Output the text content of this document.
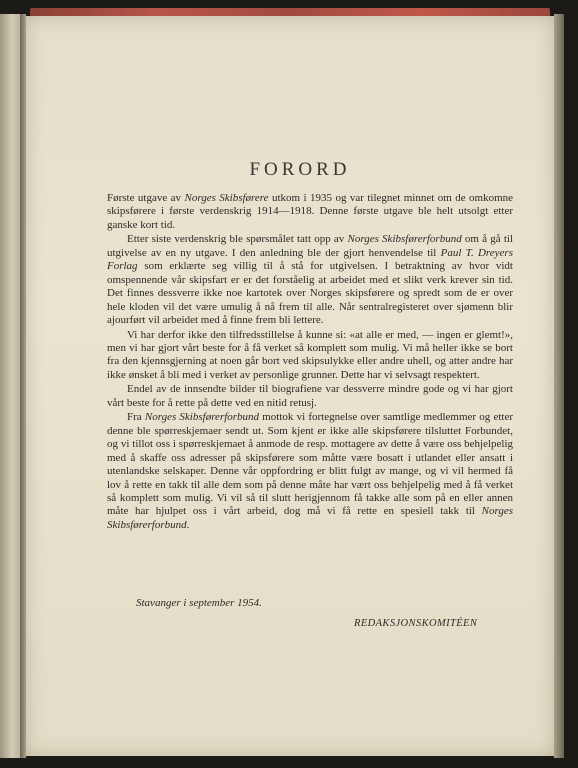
FORORD

Første utgave av Norges Skibsførere utkom i 1935 og var tilegnet minnet om de omkomne skipsførere i første verdenskrig 1914—1918. Denne første utgave ble helt utsolgt etter ganske kort tid.

Etter siste verdenskrig ble spørsmålet tatt opp av Norges Skibsførerforbund om å gå til utgivelse av en ny utgave. I den anledning ble der gjort henvendelse til Paul T. Dreyers Forlag som erklærte seg villig til å stå for utgivelsen. I betraktning av hvor vidt omspennende vår skipsfart er er det forståelig at arbeidet med et slikt verk krever sin tid. Det finnes dessverre ikke noe kartotek over Norges skipsførere og spredt som de er over hele kloden vil det være umulig å nå frem til alle. Når sentralregisteret over sjømenn blir ajourført vil arbeidet med å finne frem bli lettere.

Vi har derfor ikke den tilfredsstillelse å kunne si: «at alle er med, — ingen er glemt!», men vi har gjort vårt beste for å få verket så komplett som mulig. Vi må heller ikke se bort fra den kjennsgjerning at noen går bort ved skipsulykke eller andre uhell, og atter andre har ikke ønsket å bli med i verket av personlige grunner. Dette har vi selvsagt respektert.

Endel av de innsendte bilder til biografiene var dessverre mindre gode og vi har gjort vårt beste for å rette på dette ved en nitid retusj.

Fra Norges Skibsførerforbund mottok vi fortegnelse over samtlige medlemmer og etter denne ble spørreskjemaer sendt ut. Som kjent er ikke alle skipsførere tilsluttet Forbundet, og vi tillot oss i spørreskjemaet å anmode de resp. mottagere av dette å være oss behjelpelig med å skaffe oss adresser på skipsførere som måtte være bosatt i utlandet eller ansatt i utenlandske selskaper. Denne vår oppfordring er blitt fulgt av mange, og vi vil hermed få lov å rette en takk til alle dem som på denne måte har vært oss behjelpelig med å få verket så komplett som mulig. Vi vil så til slutt herigjennom få takke alle som på en eller annen måte har hjulpet oss i vårt arbeid, dog må vi få rette en spesiell takk til Norges Skibsførerforbund.

Stavanger i september 1954.
REDAKSJONSKOMITÉEN
